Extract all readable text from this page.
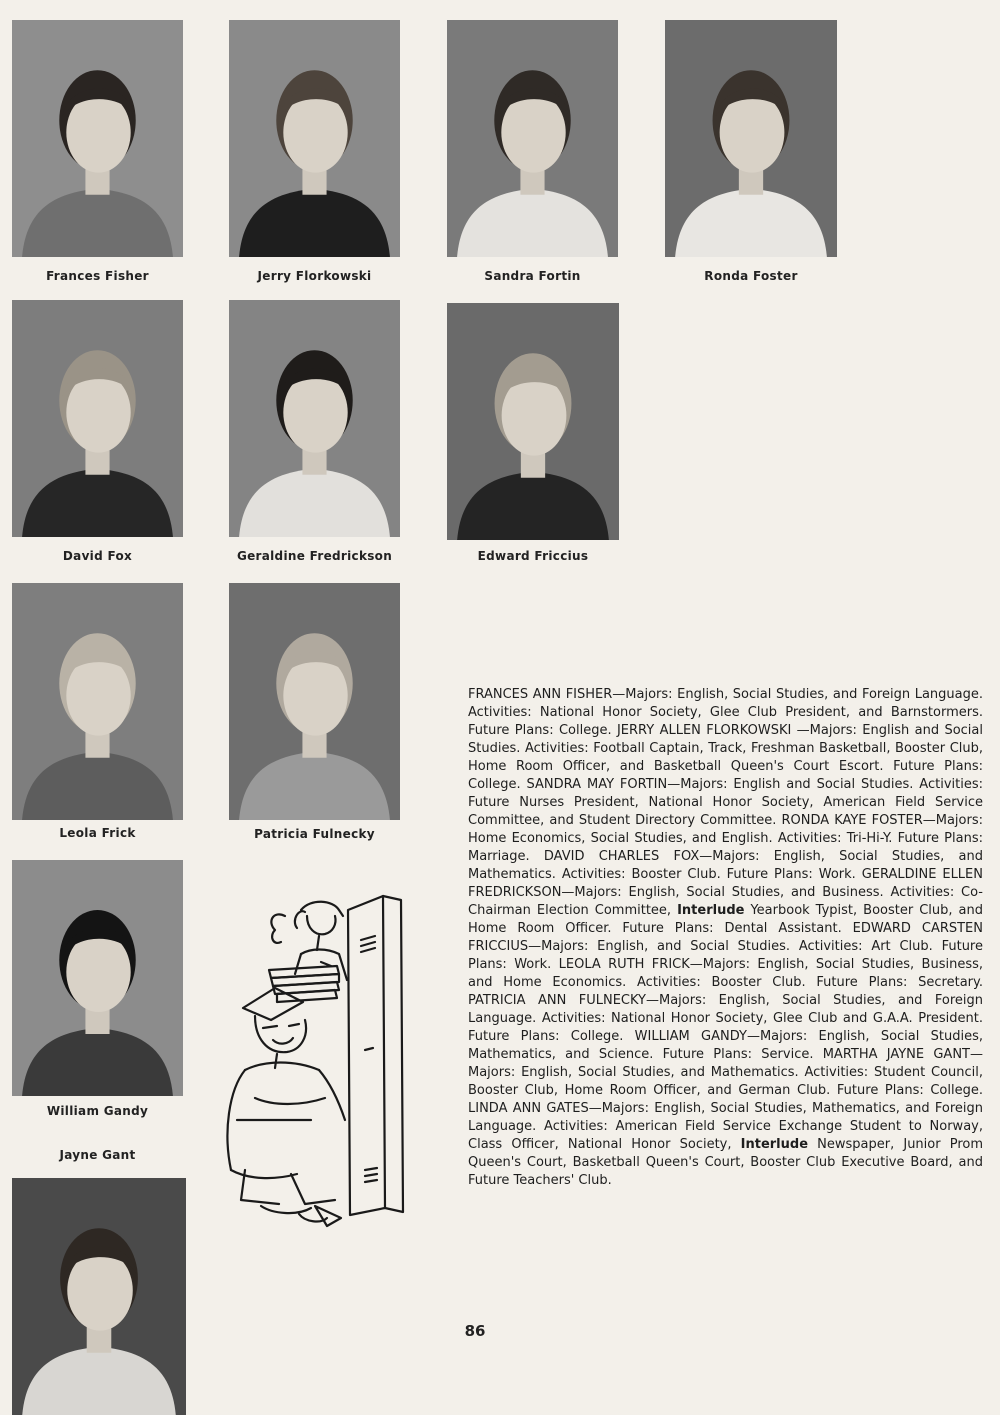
Frances Fisher	Jerry Florkowski	Sandra Fortin	Ronda Foster
David Fox	Geraldine Fredrickson	Edward Friccius
Leola Frick	Patricia Fulnecky
William Gandy
Jayne Gant

FRANCES ANN FISHER—Majors: English, Social Studies, and Foreign Language. Activities: National Honor Society, Glee Club President, and Barnstormers. Future Plans: College. JERRY ALLEN FLORKOWSKI —Majors: English and Social Studies. Activities: Football Captain, Track, Freshman Basketball, Booster Club, Home Room Officer, and Basketball Queen's Court Escort. Future Plans: College. SANDRA MAY FORTIN—Majors: English and Social Studies. Activities: Future Nurses President, National Honor Society, American Field Service Committee, and Student Directory Committee. RONDA KAYE FOSTER—Majors: Home Economics, Social Studies, and English. Activities: Tri-Hi-Y. Future Plans: Marriage. DAVID CHARLES FOX—Majors: English, Social Studies, and Mathematics. Activities: Booster Club. Future Plans: Work. GERALDINE ELLEN FREDRICKSON—Majors: English, Social Studies, and Business. Activities: Co-Chairman Election Committee, Interlude Yearbook Typist, Booster Club, and Home Room Officer. Future Plans: Dental Assistant. EDWARD CARSTEN FRICCIUS—Majors: English, and Social Studies. Activities: Art Club. Future Plans: Work. LEOLA RUTH FRICK—Majors: English, Social Studies, Business, and Home Economics. Activities: Booster Club. Future Plans: Secretary. PATRICIA ANN FULNECKY—Majors: English, Social Studies, and Foreign Language. Activities: National Honor Society, Glee Club and G.A.A. President. Future Plans: College. WILLIAM GANDY—Majors: English, Social Studies, Mathematics, and Science. Future Plans: Service. MARTHA JAYNE GANT—Majors: English, Social Studies, and Mathematics. Activities: Student Council, Booster Club, Home Room Officer, and German Club. Future Plans: College. LINDA ANN GATES—Majors: English, Social Studies, Mathematics, and Foreign Language. Activities: American Field Service Exchange Student to Norway, Class Officer, National Honor Society, Interlude Newspaper, Junior Prom Queen's Court, Basketball Queen's Court, Booster Club Executive Board, and Future Teachers' Club.

86
